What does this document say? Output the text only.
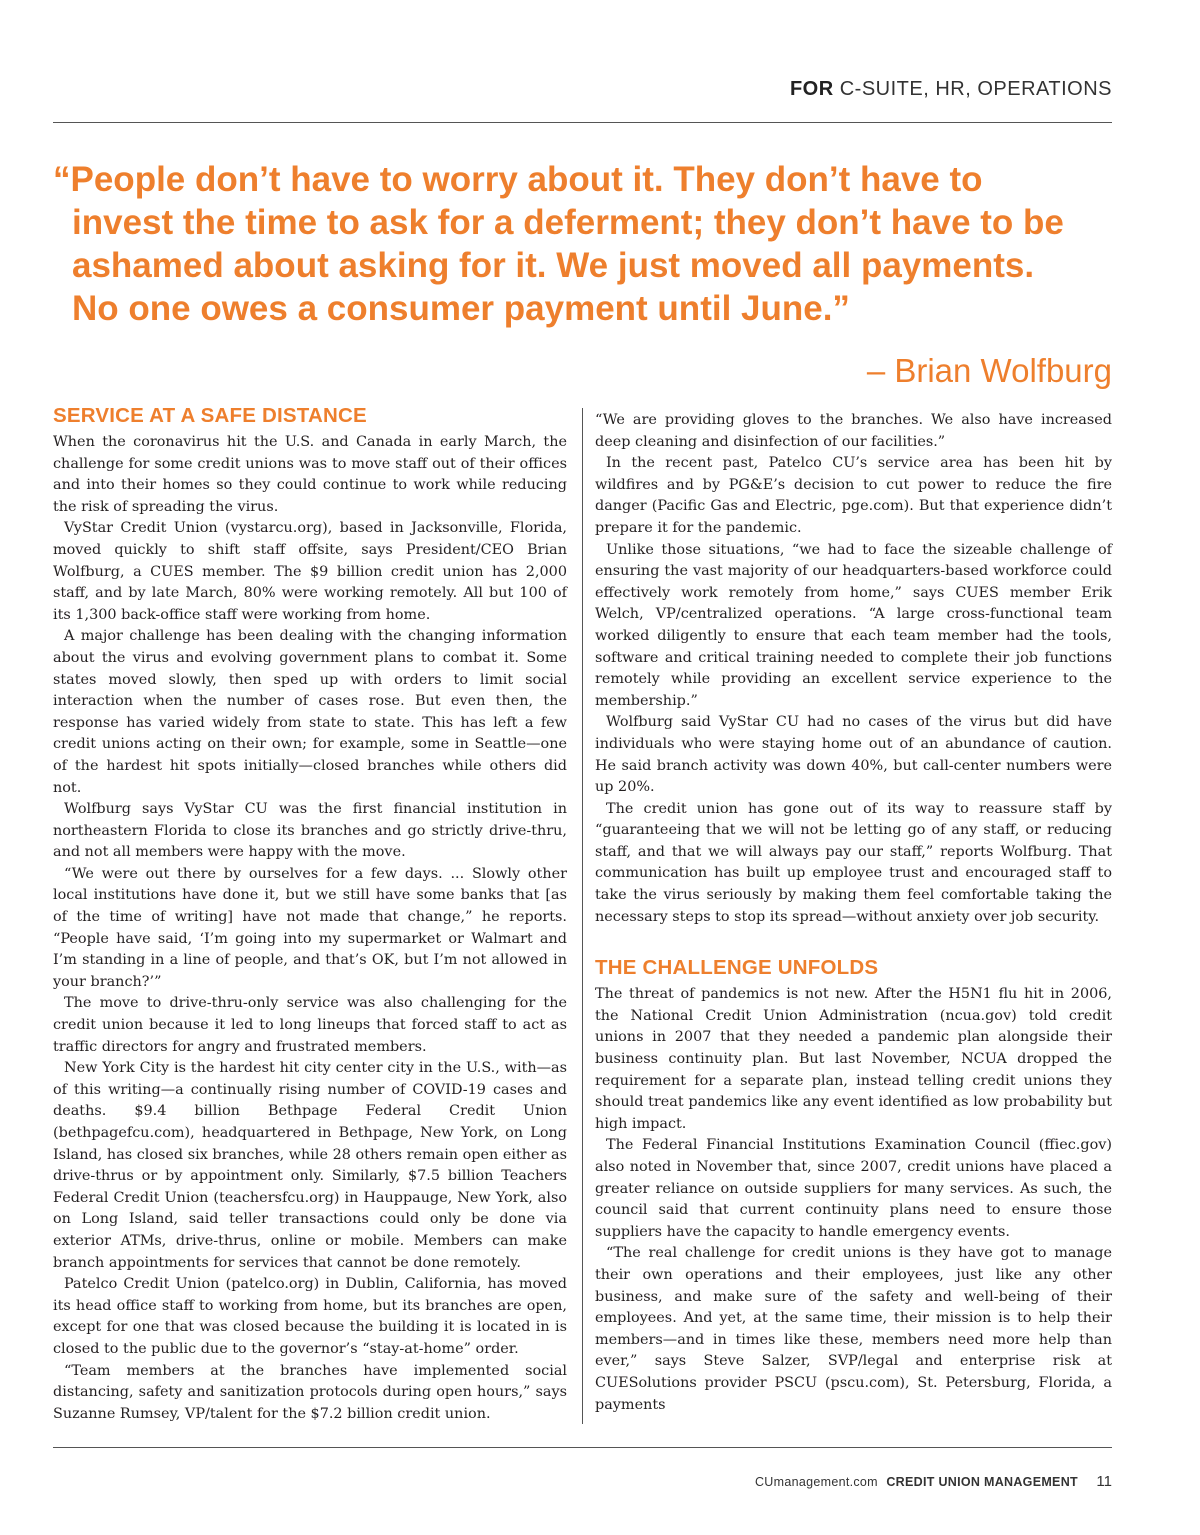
FOR C-SUITE, HR, OPERATIONS
“People don’t have to worry about it. They don’t have to
invest the time to ask for a deferment; they don’t have to be
ashamed about asking for it. We just moved all payments.
No one owes a consumer payment until June.”
– Brian Wolfburg
SERVICE AT A SAFE DISTANCE

When the coronavirus hit the U.S. and Canada in early March, the challenge for some credit unions was to move staff out of their offices and into their homes so they could continue to work while reducing the risk of spreading the virus.

VyStar Credit Union (vystarcu.org), based in Jacksonville, Florida, moved quickly to shift staff offsite, says President/CEO Brian Wolfburg, a CUES member. The $9 billion credit union has 2,000 staff, and by late March, 80% were working remotely. All but 100 of its 1,300 back-office staff were working from home.

A major challenge has been dealing with the changing information about the virus and evolving government plans to combat it. Some states moved slowly, then sped up with orders to limit social interaction when the number of cases rose. But even then, the response has varied widely from state to state. This has left a few credit unions acting on their own; for example, some in Seattle—one of the hardest hit spots initially—closed branches while others did not.

Wolfburg says VyStar CU was the first financial institution in northeastern Florida to close its branches and go strictly drive-thru, and not all members were happy with the move.

“We were out there by ourselves for a few days. ... Slowly other local institutions have done it, but we still have some banks that [as of the time of writing] have not made that change,” he reports. “People have said, ‘I’m going into my supermarket or Walmart and I’m standing in a line of people, and that’s OK, but I’m not allowed in your branch?’”

The move to drive-thru-only service was also challenging for the credit union because it led to long lineups that forced staff to act as traffic directors for angry and frustrated members.

New York City is the hardest hit city center city in the U.S., with—as of this writing—a continually rising number of COVID-19 cases and deaths. $9.4 billion Bethpage Federal Credit Union (bethpagefcu.com), headquartered in Bethpage, New York, on Long Island, has closed six branches, while 28 others remain open either as drive-thrus or by appointment only. Similarly, $7.5 billion Teachers Federal Credit Union (teachersfcu.org) in Hauppauge, New York, also on Long Island, said teller transactions could only be done via exterior ATMs, drive-thrus, online or mobile. Members can make branch appointments for services that cannot be done remotely.

Patelco Credit Union (patelco.org) in Dublin, California, has moved its head office staff to working from home, but its branches are open, except for one that was closed because the building it is located in is closed to the public due to the governor’s “stay-at-home” order.

“Team members at the branches have implemented social distancing, safety and sanitization protocols during open hours,” says Suzanne Rumsey, VP/talent for the $7.2 billion credit union.

“We are providing gloves to the branches. We also have increased deep cleaning and disinfection of our facilities.”

In the recent past, Patelco CU’s service area has been hit by wildfires and by PG&E’s decision to cut power to reduce the fire danger (Pacific Gas and Electric, pge.com). But that experience didn’t prepare it for the pandemic.

Unlike those situations, “we had to face the sizeable challenge of ensuring the vast majority of our headquarters-based workforce could effectively work remotely from home,” says CUES member Erik Welch, VP/centralized operations. “A large cross-functional team worked diligently to ensure that each team member had the tools, software and critical training needed to complete their job functions remotely while providing an excellent service experience to the membership.”

Wolfburg said VyStar CU had no cases of the virus but did have individuals who were staying home out of an abundance of caution. He said branch activity was down 40%, but call-center numbers were up 20%.

The credit union has gone out of its way to reassure staff by “guaranteeing that we will not be letting go of any staff, or reducing staff, and that we will always pay our staff,” reports Wolfburg. That communication has built up employee trust and encouraged staff to take the virus seriously by making them feel comfortable taking the necessary steps to stop its spread—without anxiety over job security.

THE CHALLENGE UNFOLDS

The threat of pandemics is not new. After the H5N1 flu hit in 2006, the National Credit Union Administration (ncua.gov) told credit unions in 2007 that they needed a pandemic plan alongside their business continuity plan. But last November, NCUA dropped the requirement for a separate plan, instead telling credit unions they should treat pandemics like any event identified as low probability but high impact.

The Federal Financial Institutions Examination Council (ffiec.gov) also noted in November that, since 2007, credit unions have placed a greater reliance on outside suppliers for many services. As such, the council said that current continuity plans need to ensure those suppliers have the capacity to handle emergency events.

“The real challenge for credit unions is they have got to manage their own operations and their employees, just like any other business, and make sure of the safety and well-being of their employees. And yet, at the same time, their mission is to help their members—and in times like these, members need more help than ever,” says Steve Salzer, SVP/legal and enterprise risk at CUESolutions provider PSCU (pscu.com), St. Petersburg, Florida, a payments

CUmanagement.com CREDIT UNION MANAGEMENT 11
